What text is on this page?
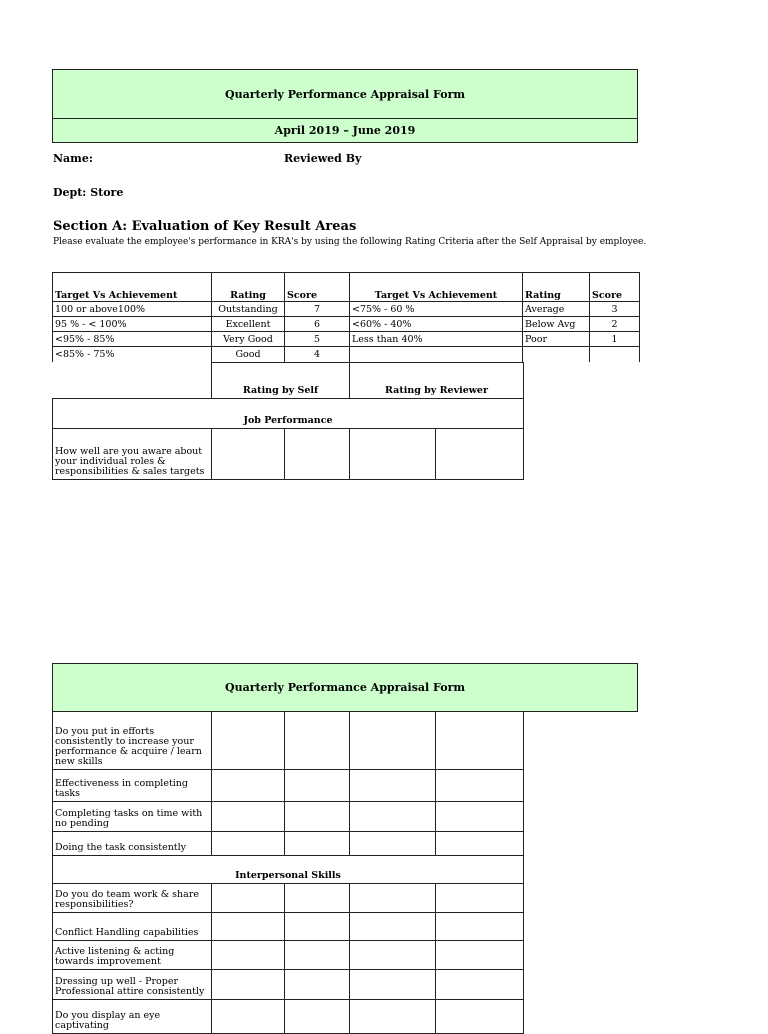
Quarterly Performance Appraisal Form
April 2019 – June 2019
Name:	Reviewed By
Dept: Store
Section A: Evaluation of Key Result Areas
Please evaluate the employee's performance in KRA's by using the following Rating Criteria after the Self Appraisal by employee.
Target Vs Achievement	Rating	Score	Target Vs Achievement	Rating	Score
100 or above100%	Outstanding	7	<75% - 60 %	Average	3
95 % - < 100%	Excellent	6	<60% - 40%	Below Avg	2
<95% - 85%	Very Good	5	Less than 40%	Poor	1
<85% - 75%	Good	4			
	Rating by Self		Rating by Reviewer	
Job Performance				
How well are you aware about your individual roles & responsibilities & sales targets				
Quarterly Performance Appraisal Form
Do you put in efforts consistently to increase your performance & acquire / learn new skills				
Effectiveness in completing tasks				
Completing tasks on time with no pending				
Doing the task consistently				
Interpersonal Skills				
Do you do team work & share responsibilities?				
Conflict Handling capabilities				
Active listening & acting towards improvement				
Dressing up well - Proper Professional attire consistently				
Do you display an eye captivating				
